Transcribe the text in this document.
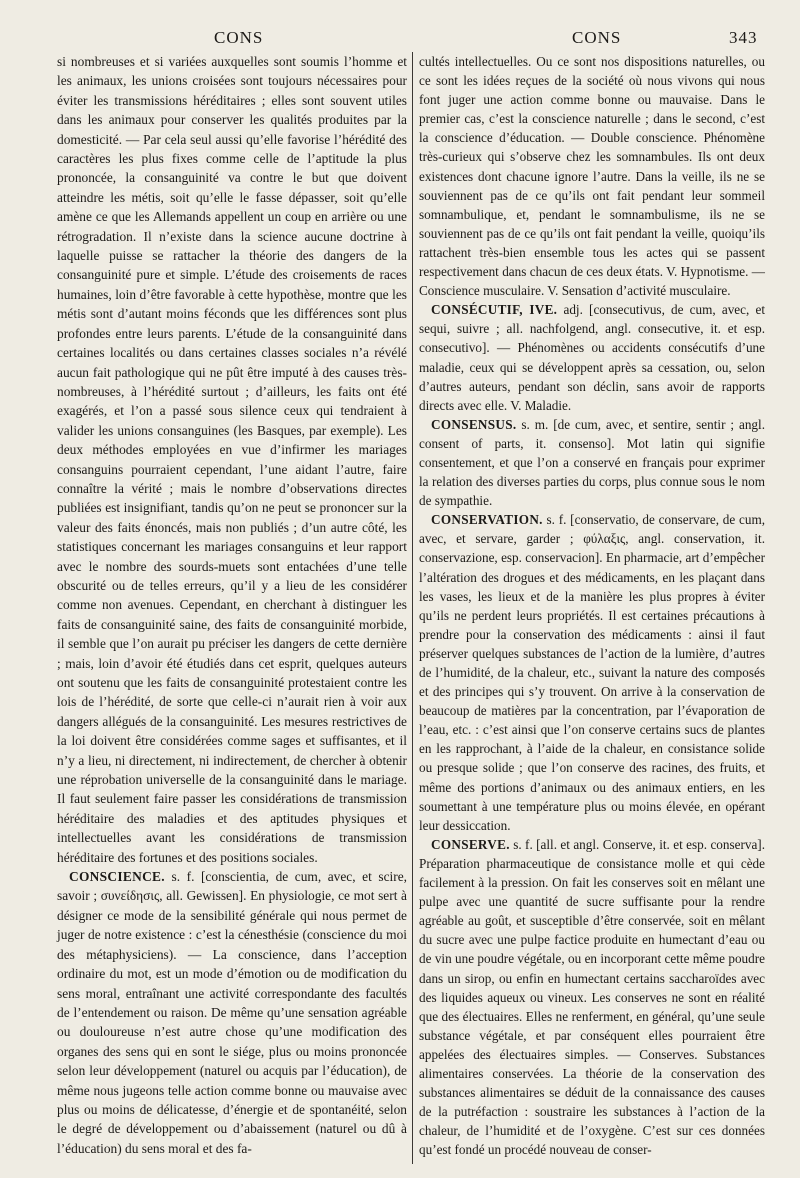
CONS	CONS	343

si nombreuses et si variées auxquelles sont soumis l’homme et les animaux, les unions croisées sont toujours nécessaires pour éviter les transmissions héréditaires ; elles sont souvent utiles dans les animaux pour conserver les qualités produites par la domesticité. — Par cela seul aussi qu’elle favorise l’hérédité des caractères les plus fixes comme celle de l’aptitude la plus prononcée, la consanguinité va contre le but que doivent atteindre les métis, soit qu’elle le fasse dépasser, soit qu’elle amène ce que les Allemands appellent un coup en arrière ou une rétrogradation. Il n’existe dans la science aucune doctrine à laquelle puisse se rattacher la théorie des dangers de la consanguinité pure et simple. L’étude des croisements de races humaines, loin d’être favorable à cette hypothèse, montre que les métis sont d’autant moins féconds que les différences sont plus profondes entre leurs parents. L’étude de la consanguinité dans certaines localités ou dans certaines classes sociales n’a révélé aucun fait pathologique qui ne pût être imputé à des causes très-nombreuses, à l’hérédité surtout ; d’ailleurs, les faits ont été exagérés, et l’on a passé sous silence ceux qui tendraient à valider les unions consanguines (les Basques, par exemple). Les deux méthodes employées en vue d’infirmer les mariages consanguins pourraient cependant, l’une aidant l’autre, faire connaître la vérité ; mais le nombre d’observations directes publiées est insignifiant, tandis qu’on ne peut se prononcer sur la valeur des faits énoncés, mais non publiés ; d’un autre côté, les statistiques concernant les mariages consanguins et leur rapport avec le nombre des sourds-muets sont entachées d’une telle obscurité ou de telles erreurs, qu’il y a lieu de les considérer comme non avenues. Cependant, en cherchant à distinguer les faits de consanguinité saine, des faits de consanguinité morbide, il semble que l’on aurait pu préciser les dangers de cette dernière ; mais, loin d’avoir été étudiés dans cet esprit, quelques auteurs ont soutenu que les faits de consanguinité protestaient contre les lois de l’hérédité, de sorte que celle-ci n’aurait rien à voir aux dangers allégués de la consanguinité. Les mesures restrictives de la loi doivent être considérées comme sages et suffisantes, et il n’y a lieu, ni directement, ni indirectement, de chercher à obtenir une réprobation universelle de la consanguinité dans le mariage. Il faut seulement faire passer les considérations de transmission héréditaire des maladies et des aptitudes physiques et intellectuelles avant les considérations de transmission héréditaire des fortunes et des positions sociales.

CONSCIENCE. s. f. [conscientia, de cum, avec, et scire, savoir ; συνείδησις, all. Gewissen]. En physiologie, ce mot sert à désigner ce mode de la sensibilité générale qui nous permet de juger de notre existence : c’est la cénesthésie (conscience du moi des métaphysiciens). — La conscience, dans l’acception ordinaire du mot, est un mode d’émotion ou de modification du sens moral, entraînant une activité correspondante des facultés de l’entendement ou raison. De même qu’une sensation agréable ou douloureuse n’est autre chose qu’une modification des organes des sens qui en sont le siége, plus ou moins prononcée selon leur développement (naturel ou acquis par l’éducation), de même nous jugeons telle action comme bonne ou mauvaise avec plus ou moins de délicatesse, d’énergie et de spontanéité, selon le degré de développement ou d’abaissement (naturel ou dû à l’éducation) du sens moral et des fa-

cultés intellectuelles. Ou ce sont nos dispositions naturelles, ou ce sont les idées reçues de la société où nous vivons qui nous font juger une action comme bonne ou mauvaise. Dans le premier cas, c’est la conscience naturelle ; dans le second, c’est la conscience d’éducation. — Double conscience. Phénomène très-curieux qui s’observe chez les somnambules. Ils ont deux existences dont chacune ignore l’autre. Dans la veille, ils ne se souviennent pas de ce qu’ils ont fait pendant leur sommeil somnambulique, et, pendant le somnambulisme, ils ne se souviennent pas de ce qu’ils ont fait pendant la veille, quoiqu’ils rattachent très-bien ensemble tous les actes qui se passent respectivement dans chacun de ces deux états. V. Hypnotisme. — Conscience musculaire. V. Sensation d’activité musculaire.

CONSÉCUTIF, IVE. adj. [consecutivus, de cum, avec, et sequi, suivre ; all. nachfolgend, angl. consecutive, it. et esp. consecutivo]. — Phénomènes ou accidents consécutifs d’une maladie, ceux qui se développent après sa cessation, ou, selon d’autres auteurs, pendant son déclin, sans avoir de rapports directs avec elle. V. Maladie.

CONSENSUS. s. m. [de cum, avec, et sentire, sentir ; angl. consent of parts, it. consenso]. Mot latin qui signifie consentement, et que l’on a conservé en français pour exprimer la relation des diverses parties du corps, plus connue sous le nom de sympathie.

CONSERVATION. s. f. [conservatio, de conservare, de cum, avec, et servare, garder ; φύλαξις, angl. conservation, it. conservazione, esp. conservacion]. En pharmacie, art d’empêcher l’altération des drogues et des médicaments, en les plaçant dans les vases, les lieux et de la manière les plus propres à éviter qu’ils ne perdent leurs propriétés. Il est certaines précautions à prendre pour la conservation des médicaments : ainsi il faut préserver quelques substances de l’action de la lumière, d’autres de l’humidité, de la chaleur, etc., suivant la nature des composés et des principes qui s’y trouvent. On arrive à la conservation de beaucoup de matières par la concentration, par l’évaporation de l’eau, etc. : c’est ainsi que l’on conserve certains sucs de plantes en les rapprochant, à l’aide de la chaleur, en consistance solide ou presque solide ; que l’on conserve des racines, des fruits, et même des portions d’animaux ou des animaux entiers, en les soumettant à une température plus ou moins élevée, en opérant leur dessiccation.

CONSERVE. s. f. [all. et angl. Conserve, it. et esp. conserva]. Préparation pharmaceutique de consistance molle et qui cède facilement à la pression. On fait les conserves soit en mêlant une pulpe avec une quantité de sucre suffisante pour la rendre agréable au goût, et susceptible d’être conservée, soit en mêlant du sucre avec une pulpe factice produite en humectant d’eau ou de vin une poudre végétale, ou en incorporant cette même poudre dans un sirop, ou enfin en humectant certains saccharoïdes avec des liquides aqueux ou vineux. Les conserves ne sont en réalité que des électuaires. Elles ne renferment, en général, qu’une seule substance végétale, et par conséquent elles pourraient être appelées des électuaires simples. — Conserves. Substances alimentaires conservées. La théorie de la conservation des substances alimentaires se déduit de la connaissance des causes de la putréfaction : soustraire les substances à l’action de la chaleur, de l’humidité et de l’oxygène. C’est sur ces données qu’est fondé un procédé nouveau de conser-
